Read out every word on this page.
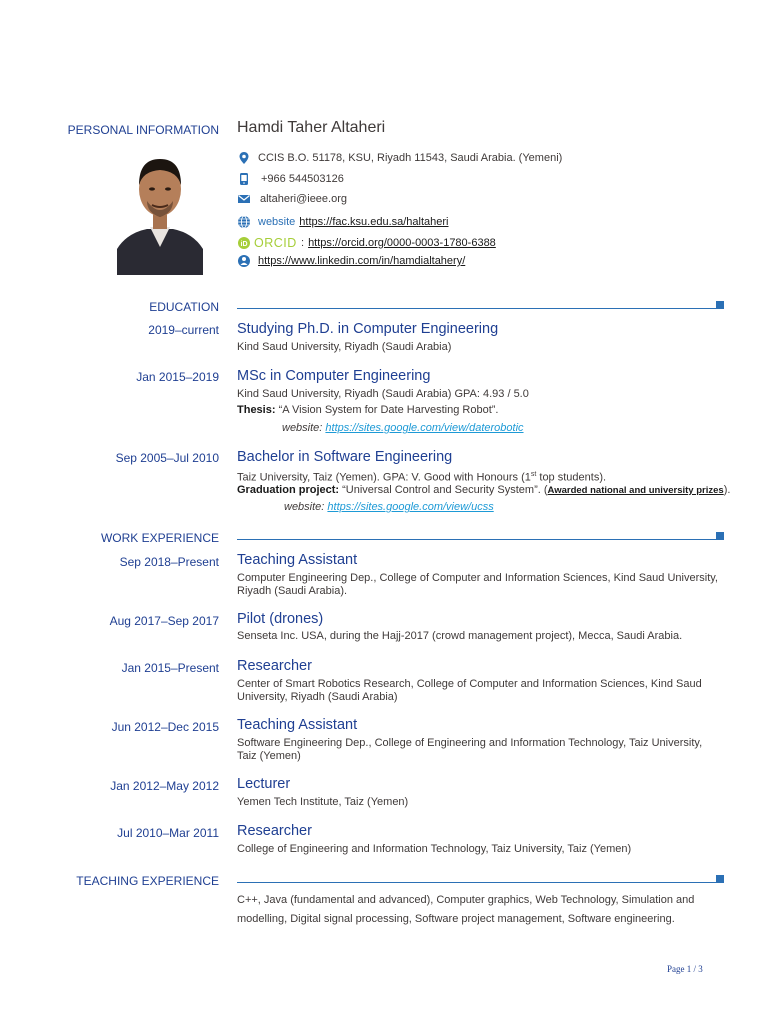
PERSONAL INFORMATION Hamdi Taher Altaheri
CCIS B.O. 51178, KSU, Riyadh 11543, Saudi Arabia. (Yemeni)
+966 544503126
altaheri@ieee.org
website https://fac.ksu.edu.sa/haltaheri
iD ORCID : https://orcid.org/0000-0003-1780-6388
https://www.linkedin.com/in/hamdialtahery/
EDUCATION
2019–current Studying Ph.D. in Computer Engineering
Kind Saud University, Riyadh (Saudi Arabia)
Jan 2015–2019 MSc in Computer Engineering
Kind Saud University, Riyadh (Saudi Arabia) GPA: 4.93 / 5.0
Thesis: “A Vision System for Date Harvesting Robot”.
website: https://sites.google.com/view/daterobotic
Sep 2005–Jul 2010 Bachelor in Software Engineering
Taiz University, Taiz (Yemen). GPA: V. Good with Honours (1st top students).
Graduation project: “Universal Control and Security System”. (Awarded national and university prizes).
website: https://sites.google.com/view/ucss
WORK EXPERIENCE
Sep 2018–Present Teaching Assistant
Computer Engineering Dep., College of Computer and Information Sciences, Kind Saud University, Riyadh (Saudi Arabia).
Aug 2017–Sep 2017 Pilot (drones)
Senseta Inc. USA, during the Hajj-2017 (crowd management project), Mecca, Saudi Arabia.
Jan 2015–Present Researcher
Center of Smart Robotics Research, College of Computer and Information Sciences, Kind Saud University, Riyadh (Saudi Arabia)
Jun 2012–Dec 2015 Teaching Assistant
Software Engineering Dep., College of Engineering and Information Technology, Taiz University, Taiz (Yemen)
Jan 2012–May 2012 Lecturer
Yemen Tech Institute, Taiz (Yemen)
Jul 2010–Mar 2011 Researcher
College of Engineering and Information Technology, Taiz University, Taiz (Yemen)
TEACHING EXPERIENCE
C++, Java (fundamental and advanced), Computer graphics, Web Technology, Simulation and modelling, Digital signal processing, Software project management, Software engineering.
Page 1 / 3
